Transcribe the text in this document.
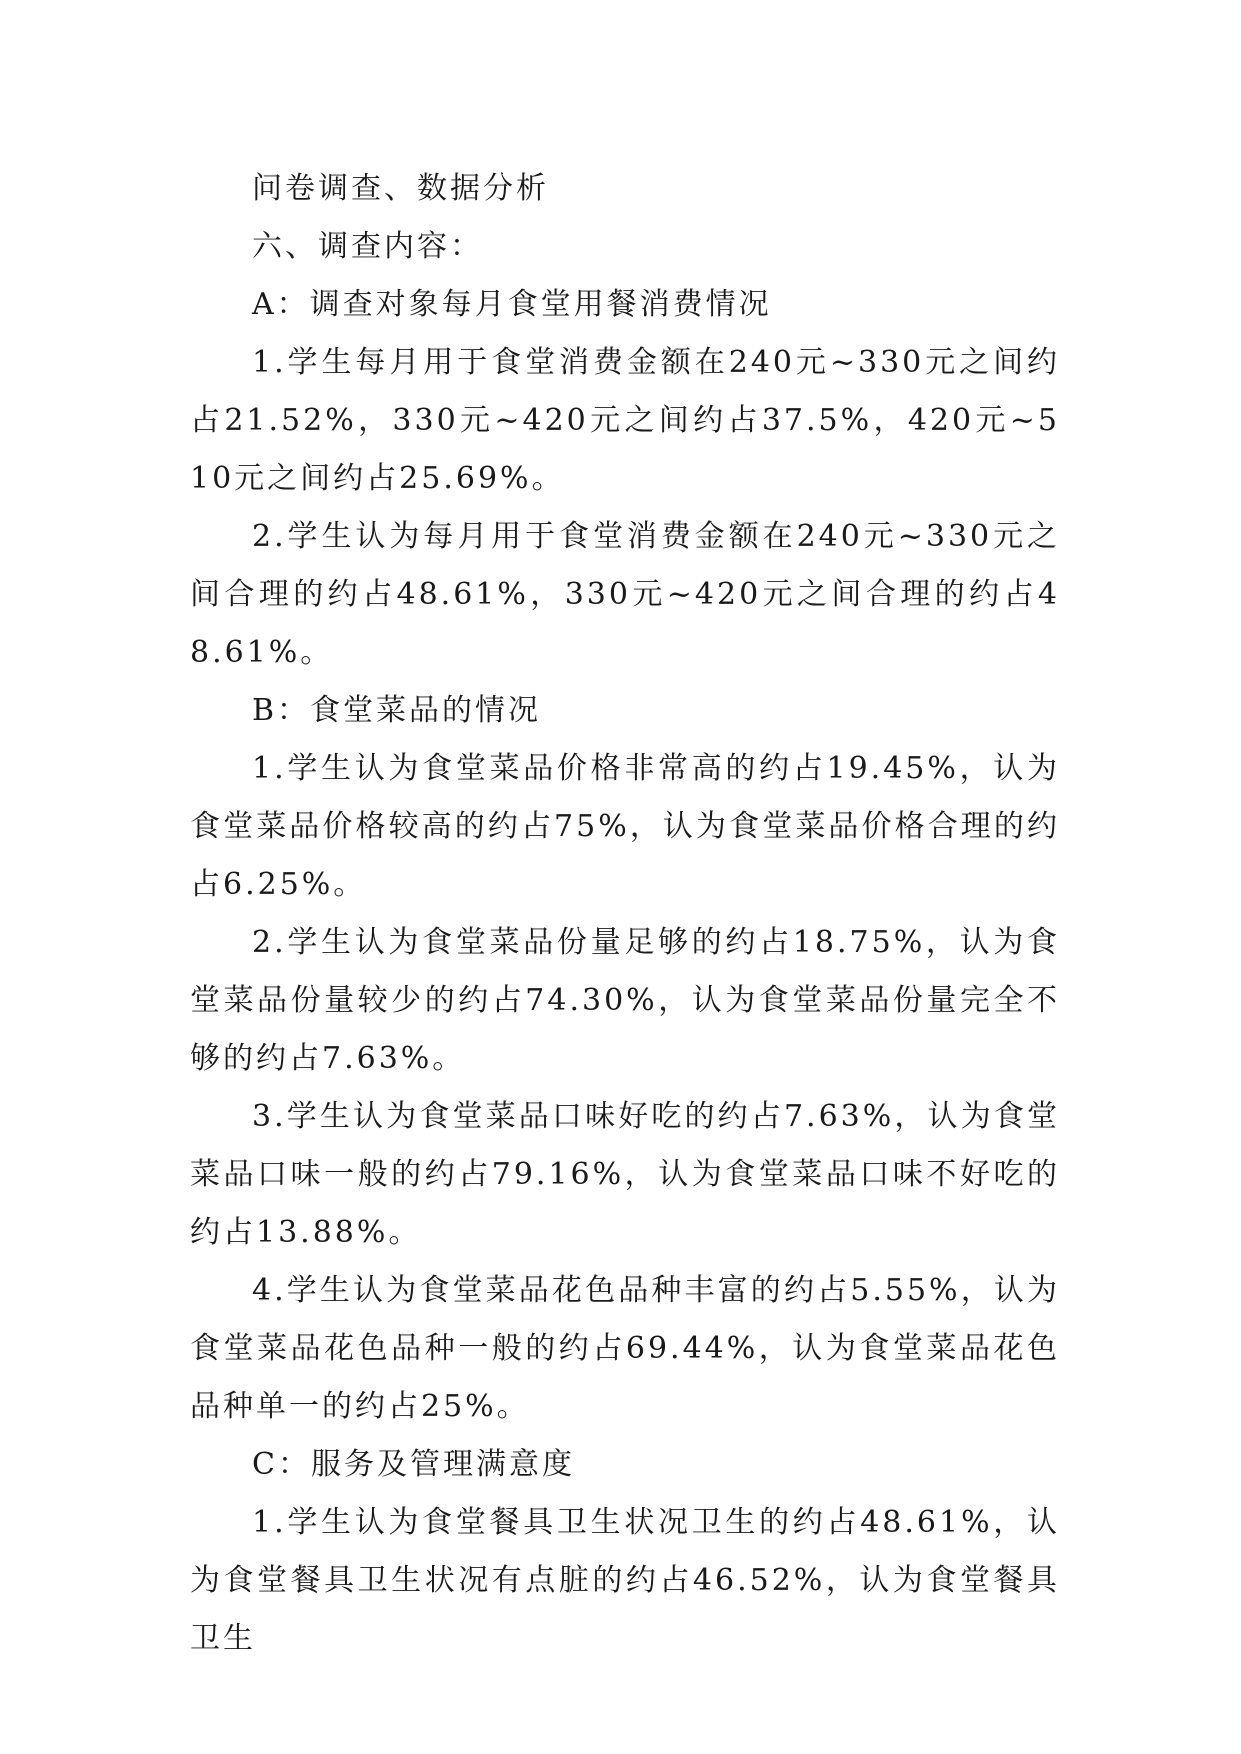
问卷调查、数据分析

六、调查内容：

A：调查对象每月食堂用餐消费情况

1.学生每月用于食堂消费金额在240元~330元之间约占21.52%，330元~420元之间约占37.5%，420元~510元之间约占25.69%。

2.学生认为每月用于食堂消费金额在240元~330元之间合理的约占48.61%，330元~420元之间合理的约占48.61%。

B：食堂菜品的情况

1.学生认为食堂菜品价格非常高的约占19.45%，认为食堂菜品价格较高的约占75%，认为食堂菜品价格合理的约占6.25%。

2.学生认为食堂菜品份量足够的约占18.75%，认为食堂菜品份量较少的约占74.30%，认为食堂菜品份量完全不够的约占7.63%。

3.学生认为食堂菜品口味好吃的约占7.63%，认为食堂菜品口味一般的约占79.16%，认为食堂菜品口味不好吃的约占13.88%。

4.学生认为食堂菜品花色品种丰富的约占5.55%，认为食堂菜品花色品种一般的约占69.44%，认为食堂菜品花色品种单一的约占25%。

C：服务及管理满意度

1.学生认为食堂餐具卫生状况卫生的约占48.61%，认为食堂餐具卫生状况有点脏的约占46.52%，认为食堂餐具卫生
